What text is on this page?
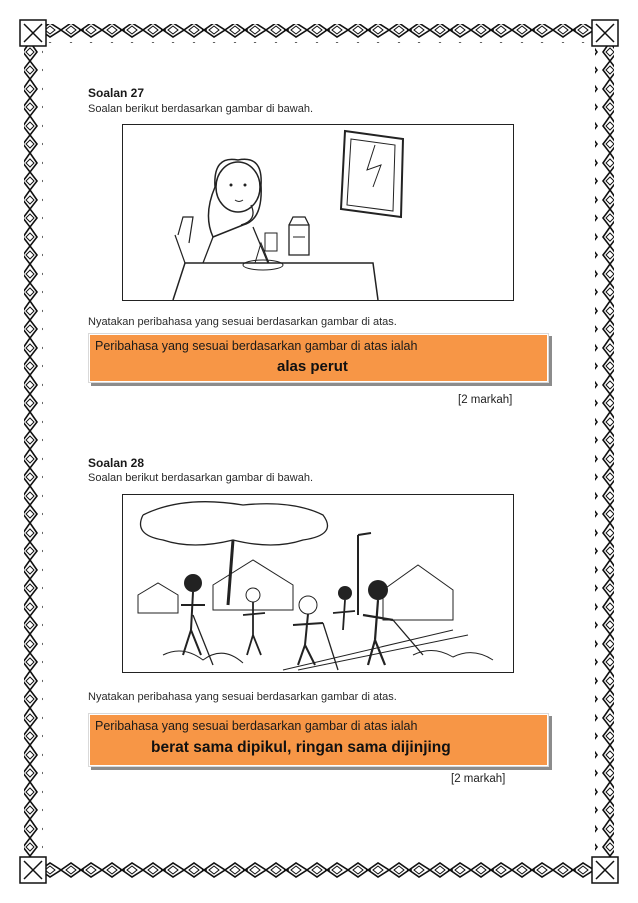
Soalan 27
Soalan berikut berdasarkan gambar di bawah.
Nyatakan peribahasa yang sesuai berdasarkan gambar di atas.
Peribahasa yang sesuai berdasarkan gambar di atas ialah
alas perut
[2 markah]
Soalan 28
Soalan berikut berdasarkan gambar di bawah.
Nyatakan peribahasa yang sesuai berdasarkan gambar di atas.
Peribahasa yang sesuai berdasarkan gambar di atas ialah
berat sama dipikul, ringan sama dijinjing
[2 markah]
